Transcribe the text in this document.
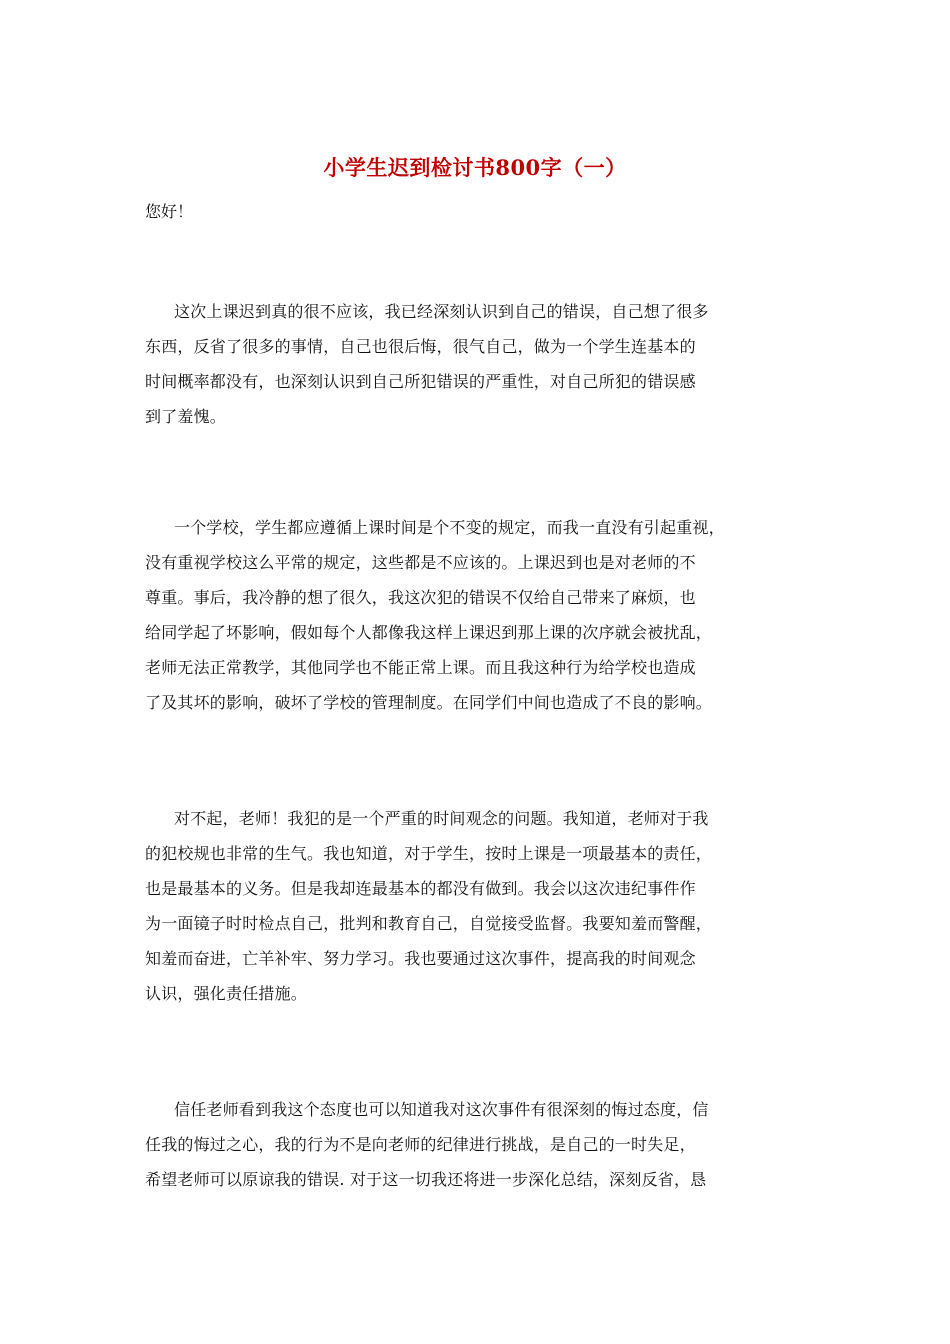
小学生迟到检讨书800字（一）
您好！
这次上课迟到真的很不应该，我已经深刻认识到自己的错误，自己想了很多
东西，反省了很多的事情，自己也很后悔，很气自己，做为一个学生连基本的
时间概率都没有，也深刻认识到自己所犯错误的严重性，对自己所犯的错误感
到了羞愧。
一个学校，学生都应遵循上课时间是个不变的规定，而我一直没有引起重视，
没有重视学校这么平常的规定，这些都是不应该的。上课迟到也是对老师的不
尊重。事后，我冷静的想了很久，我这次犯的错误不仅给自己带来了麻烦，也
给同学起了坏影响，假如每个人都像我这样上课迟到那上课的次序就会被扰乱，
老师无法正常教学，其他同学也不能正常上课。而且我这种行为给学校也造成
了及其坏的影响，破坏了学校的管理制度。在同学们中间也造成了不良的影响。
对不起，老师！我犯的是一个严重的时间观念的问题。我知道，老师对于我
的犯校规也非常的生气。我也知道，对于学生，按时上课是一项最基本的责任，
也是最基本的义务。但是我却连最基本的都没有做到。我会以这次违纪事件作
为一面镜子时时检点自己，批判和教育自己，自觉接受监督。我要知羞而警醒，
知羞而奋进，亡羊补牢、努力学习。我也要通过这次事件，提高我的时间观念
认识，强化责任措施。
信任老师看到我这个态度也可以知道我对这次事件有很深刻的悔过态度，信
任我的悔过之心，我的行为不是向老师的纪律进行挑战，是自己的一时失足，
希望老师可以原谅我的错误. 对于这一切我还将进一步深化总结，深刻反省，恳
